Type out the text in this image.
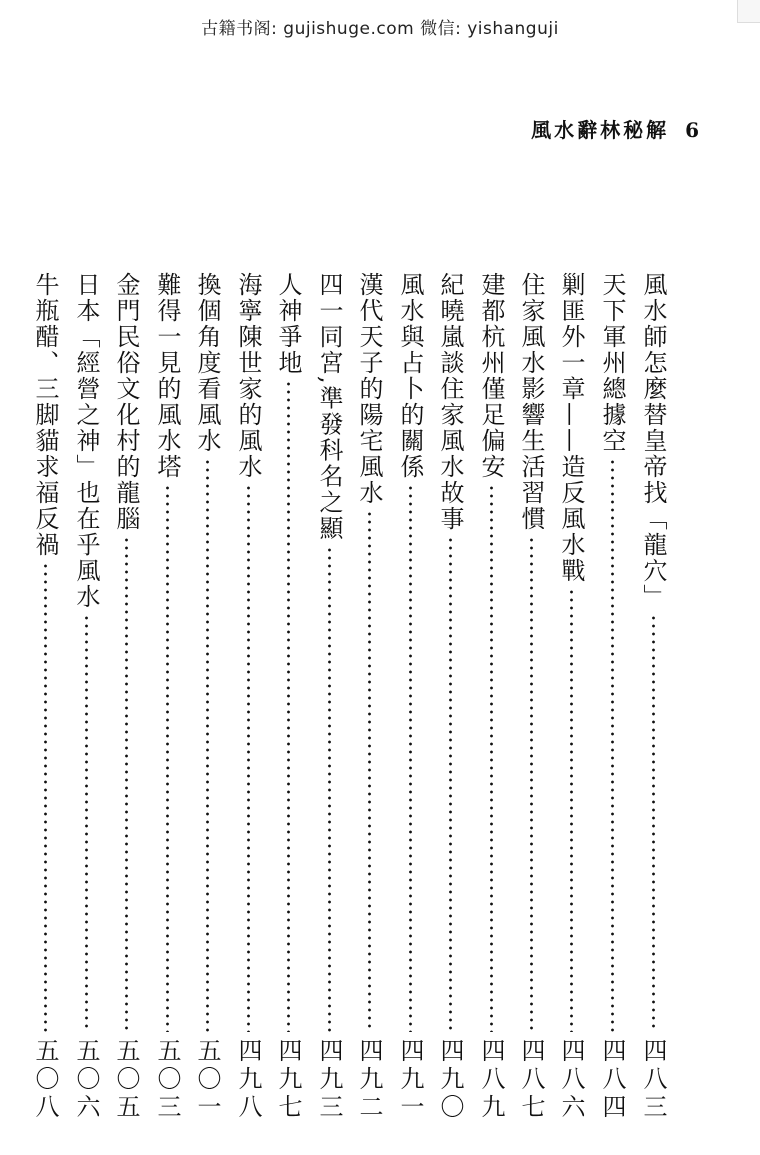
古籍书阁: gujishuge.com 微信: yishanguji
風水辭林秘解 6
風水師怎麼替皇帝找「龍穴」
四八三
天下軍州總據空
四八四
剿匪外一章——造反風水戰
四八六
住家風水影響生活習慣
四八七
建都杭州僅足偏安
四八九
紀曉嵐談住家風水故事
四九〇
風水與占卜的關係
四九一
漢代天子的陽宅風水
四九二
四一同宮,準發科名之顯
四九三
人神爭地
四九七
海寧陳世家的風水
四九八
換個角度看風水
五〇一
難得一見的風水塔
五〇三
金門民俗文化村的龍腦
五〇五
日本「經營之神」也在乎風水
五〇六
牛瓶醋、三脚貓求福反禍
五〇八
